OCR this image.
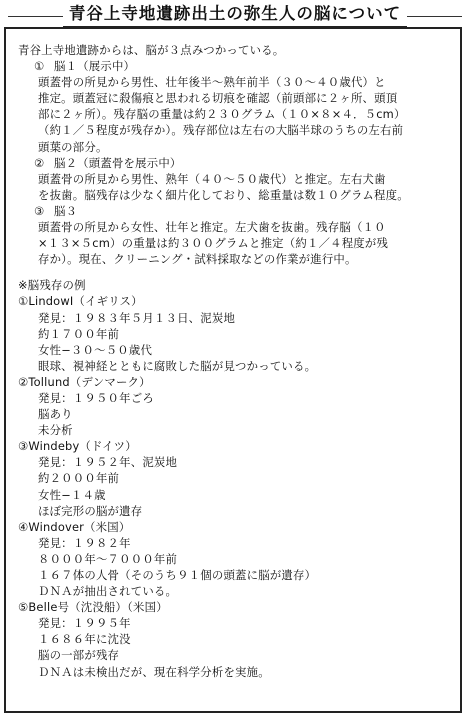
青谷上寺地遺跡出土の弥生人の脳について
青谷上寺地遺跡からは、脳が３点みつかっている。
① 脳１（展示中）
頭蓋骨の所見から男性、壮年後半～熟年前半（３０～４０歳代）と
推定。頭蓋冠に殺傷痕と思われる切痕を確認（前頭部に２ヶ所、頭頂
部に２ヶ所）。残存脳の重量は約２３０グラム（１０×８×４．５cm）
（約１／５程度が残存か）。残存部位は左右の大脳半球のうちの左右前
頭葉の部分。
② 脳２（頭蓋骨を展示中）
頭蓋骨の所見から男性、熟年（４０～５０歳代）と推定。左右犬歯
を抜歯。脳残存は少なく細片化しており、総重量は数１０グラム程度。
③ 脳３
頭蓋骨の所見から女性、壮年と推定。左犬歯を抜歯。残存脳（１０
×１３×５cm）の重量は約３００グラムと推定（約１／４程度が残
存か）。現在、クリーニング・試料採取などの作業が進行中。
※脳残存の例
①LindowⅠ（イギリス）
発見：１９８３年５月１３日、泥炭地
約１７００年前
女性−３０～５０歳代
眼球、視神経とともに腐敗した脳が見つかっている。
②Tollund（デンマーク）
発見：１９５０年ごろ
脳あり
未分析
③Windeby（ドイツ）
発見：１９５２年、泥炭地
約２０００年前
女性−１４歳
ほぼ完形の脳が遺存
④Windover（米国）
発見：１９８２年
８０００年～７０００年前
１６７体の人骨（そのうち９１個の頭蓋に脳が遺存）
ＤＮＡが抽出されている。
⑤Belle号（沈没船）（米国）
発見：１９９５年
１６８６年に沈没
脳の一部が残存
ＤＮＡは未検出だが、現在科学分析を実施。
